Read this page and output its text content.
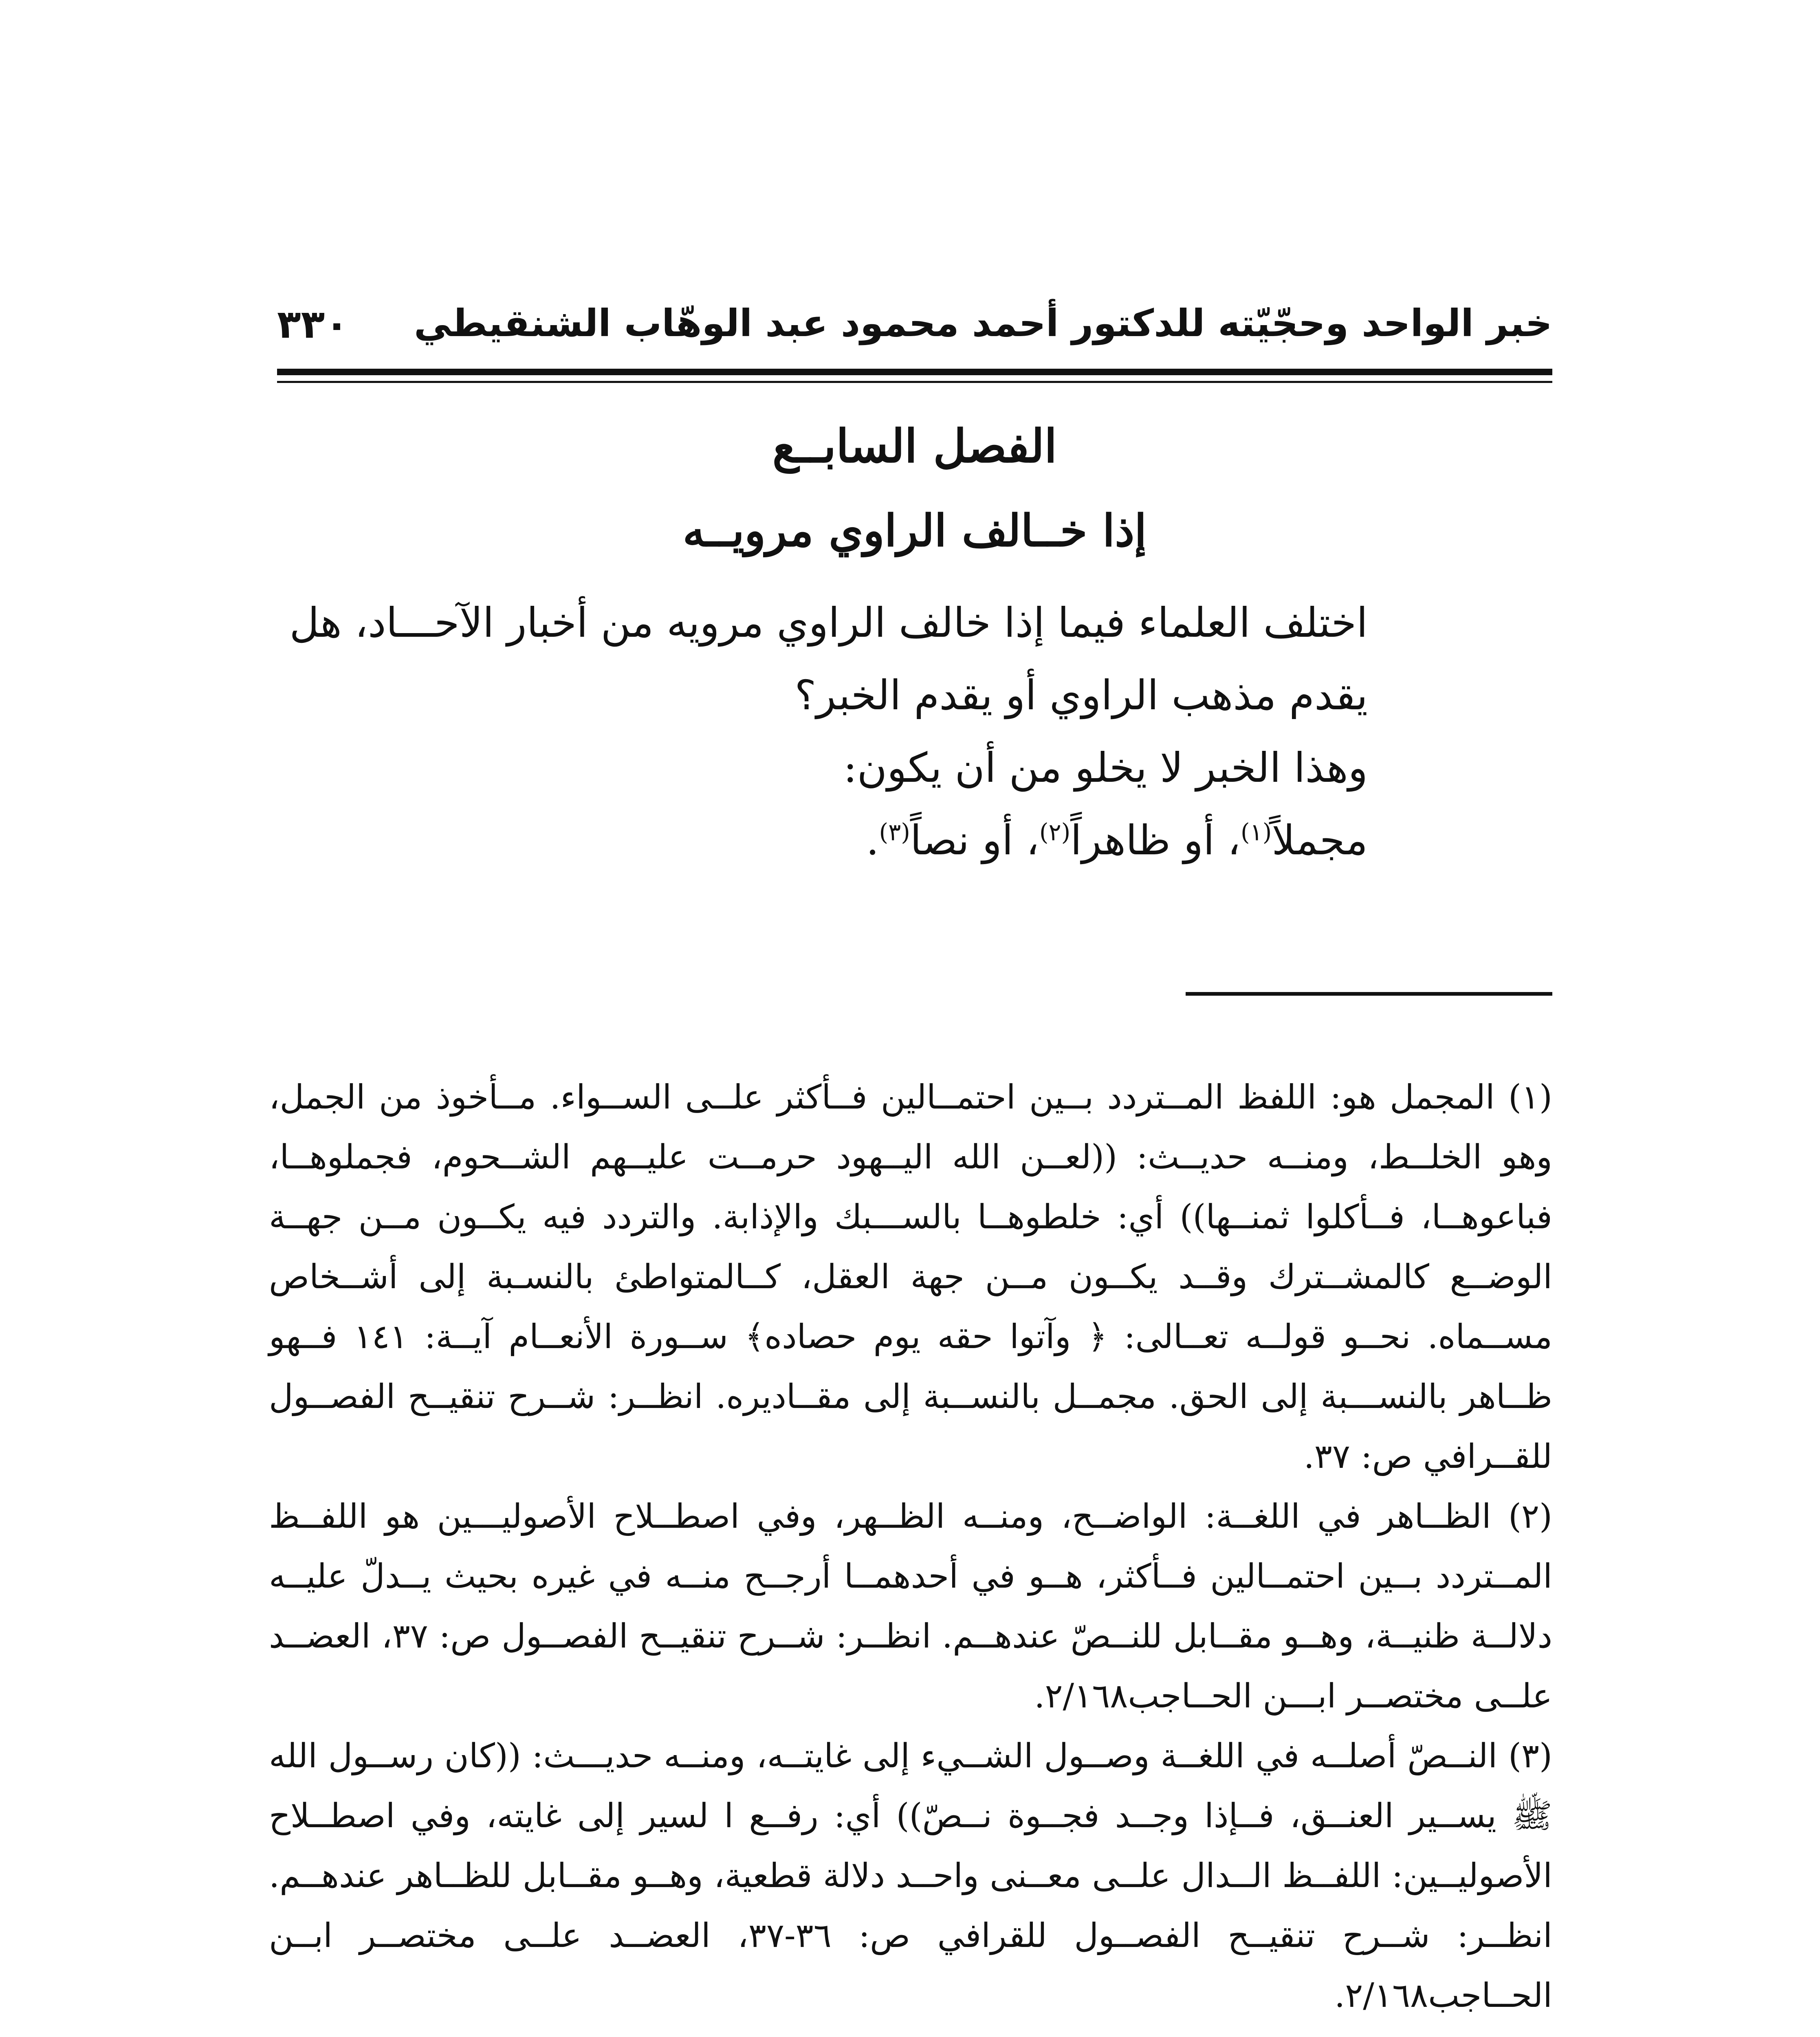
خبر الواحد وحجّيّته للدكتور أحمد محمود عبد الوهّاب الشنقيطي
٣٣٠
الفصل السابــع
إذا خــالف الراوي مرويــه

اختلف العلماء فيما إذا خالف الراوي مرويه من أخبار الآحـــاد، هل يقدم مذهب الراوي أو يقدم الخبر؟

وهذا الخبر لا يخلو من أن يكون:

مجملاً$^{(١)}$، أو ظاهراً$^{(٢)}$، أو نصاً$^{(٣)}$.

(١) المجمل هو: اللفظ المــتردد بــين احتمــالين فــأكثر علــى الســواء. مــأخوذ من الجمل، وهو الخلــط، ومنــه حديــث: ((لعــن الله اليــهود حرمــت عليــهم الشــحوم، فجملوهــا، فباعوهــا، فــأكلوا ثمنــها)) أي: خلطوهــا بالســـبك والإذابة. والتردد فيه يكــون مــن جهــة الوضــع كالمشــترك وقــد يكــون مــن جهة العقل، كــالمتواطئ بالنسـبة إلى أشــخاص مســماه. نحــو قولــه تعــالى: ﴿ وآتوا حقه يوم حصاده﴾ ســورة الأنعــام آيــة: ١٤١ فــهو ظــاهر بالنســـبة إلى الحق. مجمــل بالنســبة إلى مقــاديره. انظــر: شــرح تنقيــح الفصــول للقــرافي ص: ٣٧.

(٢) الظــاهر في اللغــة: الواضــح، ومنــه الظــهر، وفي اصطــلاح الأصوليـــين هو اللفــظ المــتردد بــين احتمــالين فــأكثر، هــو في أحدهمــا أرجــح منــه في غيره بحيث يــدلّ عليــه دلالــة ظنيــة، وهــو مقــابل للنــصّ عندهــم. انظــر: شــرح تنقيــح الفصــول ص: ٣٧، العضــد علــى مختصــر ابـــن الحــاجب٢/١٦٨.

(٣) النــصّ أصلــه في اللغــة وصــول الشــيء إلى غايتــه، ومنــه حديـــث: ((كان رســول الله ﷺ يســير العنــق، فــإذا وجــد فجــوة نــصّ)) أي: رفــع ا لسير إلى غايته، وفي اصطــلاح الأصوليــين: اللفــظ الــدال علــى معــنى واحــد دلالة قطعية، وهــو مقــابل للظــاهر عندهــم. انظــر: شــرح تنقيــح الفصــول للقرافي ص: ٣٦-٣٧، العضــد علــى مختصــر ابــن الحــاجب٢/١٦٨.
